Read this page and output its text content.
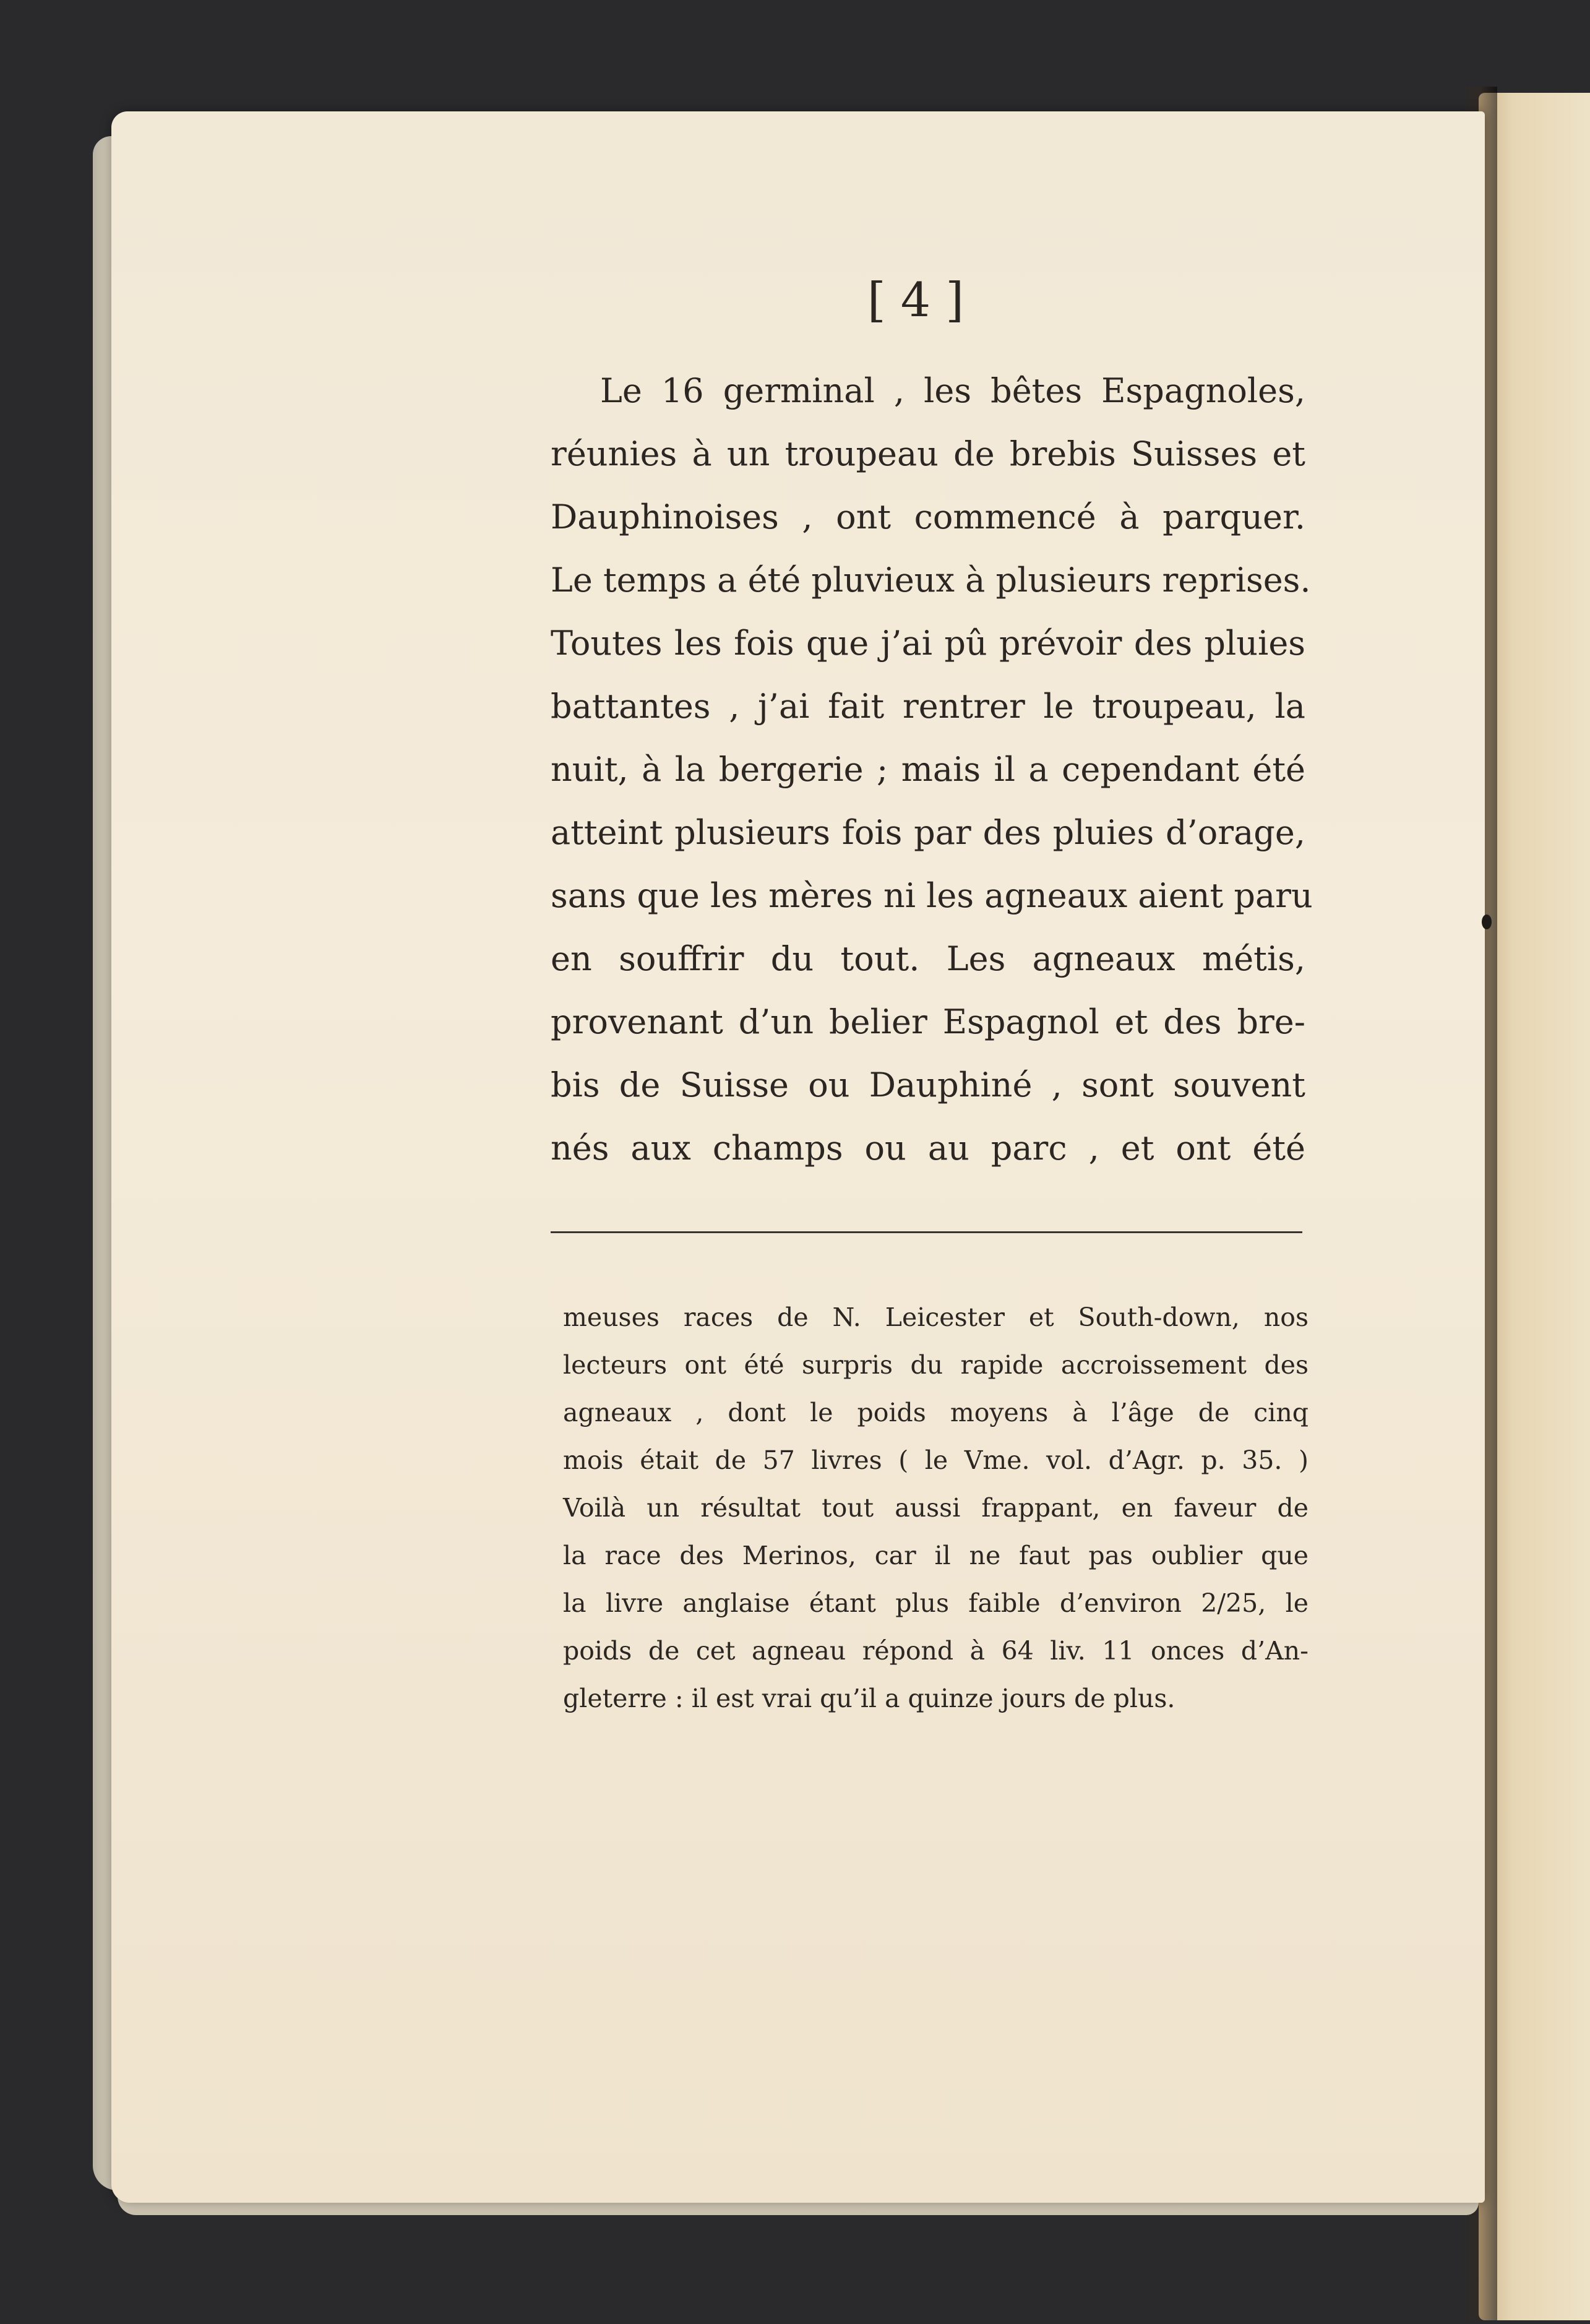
[ 4 ]
Le 16 germinal , les bêtes Espagnoles,
réunies à un troupeau de brebis Suisses et
Dauphinoises , ont commencé à parquer.
Le temps a été pluvieux à plusieurs reprises.
Toutes les fois que j’ai pû prévoir des pluies
battantes , j’ai fait rentrer le troupeau, la
nuit, à la bergerie ; mais il a cependant été
atteint plusieurs fois par des pluies d’orage,
sans que les mères ni les agneaux aient paru
en souffrir du tout. Les agneaux métis,
provenant d’un belier Espagnol et des bre-
bis de Suisse ou Dauphiné , sont souvent
nés aux champs ou au parc , et ont été
meuses races de N. Leicester et South-down, nos
lecteurs ont été surpris du rapide accroissement des
agneaux , dont le poids moyens à l’âge de cinq
mois était de 57 livres ( le Vme. vol. d’Agr. p. 35. )
Voilà un résultat tout aussi frappant, en faveur de
la race des Merinos, car il ne faut pas oublier que
la livre anglaise étant plus faible d’environ 2/25, le
poids de cet agneau répond à 64 liv. 11 onces d’An-
gleterre : il est vrai qu’il a quinze jours de plus.
